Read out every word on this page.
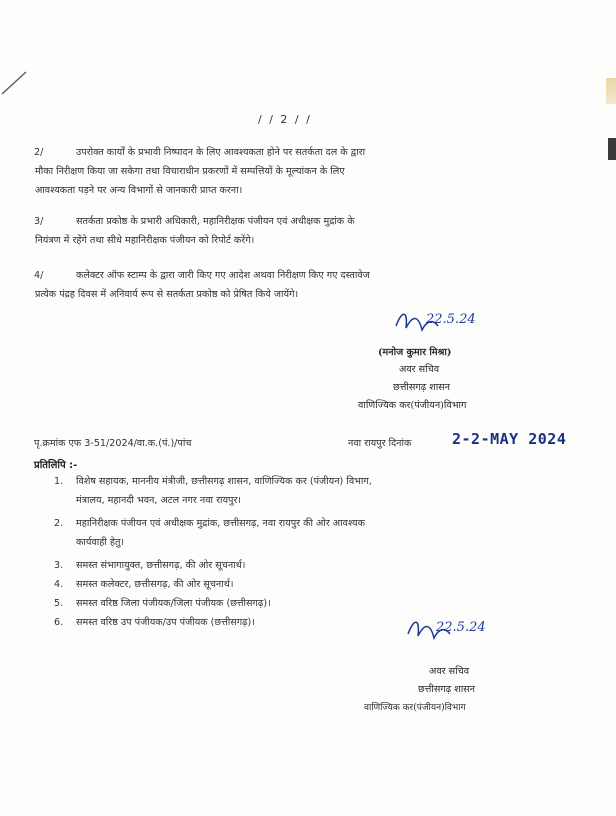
/ / 2 / /
2/	उपरोक्त कार्यों के प्रभावी निष्पादन के लिए आवश्यकता होने पर सतर्कता दल के द्वारा
मौका निरीक्षण किया जा सकेगा तथा विचाराधीन प्रकरणों में सम्पत्तियों के मूल्यांकन के लिए
आवश्यकता पड़ने पर अन्य विभागों से जानकारी प्राप्त करना।
3/	सतर्कता प्रकोष्ठ के प्रभारी अधिकारी, महानिरीक्षक पंजीयन एवं अधीक्षक मुद्रांक के
नियंत्रण में रहेंगे तथा सीधे महानिरीक्षक पंजीयन को रिपोर्ट करेंगे।
4/	कलेक्टर ऑफ स्टाम्प के द्वारा जारी किए गए आदेश अथवा निरीक्षण किए गए दस्तावेज
प्रत्येक पंद्रह दिवस में अनिवार्य रूप से सतर्कता प्रकोष्ठ को प्रेषित किये जायेंगे।
22.5.24
(मनोज कुमार मिश्रा)
अवर सचिव
छत्तीसगढ़ शासन
वाणिज्यिक कर(पंजीयन)विभाग
पृ.क्रमांक एफ 3-51/2024/वा.क.(पं.)/पांच	नवा रायपुर दिनांक	2-2-MAY 2024
प्रतिलिपि :-
1. विशेष सहायक, माननीय मंत्रीजी, छत्तीसगढ़ शासन, वाणिज्यिक कर (पंजीयन) विभाग,
मंत्रालय, महानदी भवन, अटल नगर नवा रायपुर।
2. महानिरीक्षक पंजीयन एवं अधीक्षक मुद्रांक, छत्तीसगढ़, नवा रायपुर की ओर आवश्यक
कार्यवाही हेतु।
3. समस्त संभागायुक्त, छत्तीसगढ़, की ओर सूचनार्थ।
4. समस्त कलेक्टर, छत्तीसगढ़, की ओर सूचनार्थ।
5. समस्त वरिष्ठ जिला पंजीयक/जिला पंजीयक (छत्तीसगढ़)।
6. समस्त वरिष्ठ उप पंजीयक/उप पंजीयक (छत्तीसगढ़)।	22.5.24
अवर सचिव
छत्तीसगढ़ शासन
वाणिज्यिक कर(पंजीयन)विभाग
